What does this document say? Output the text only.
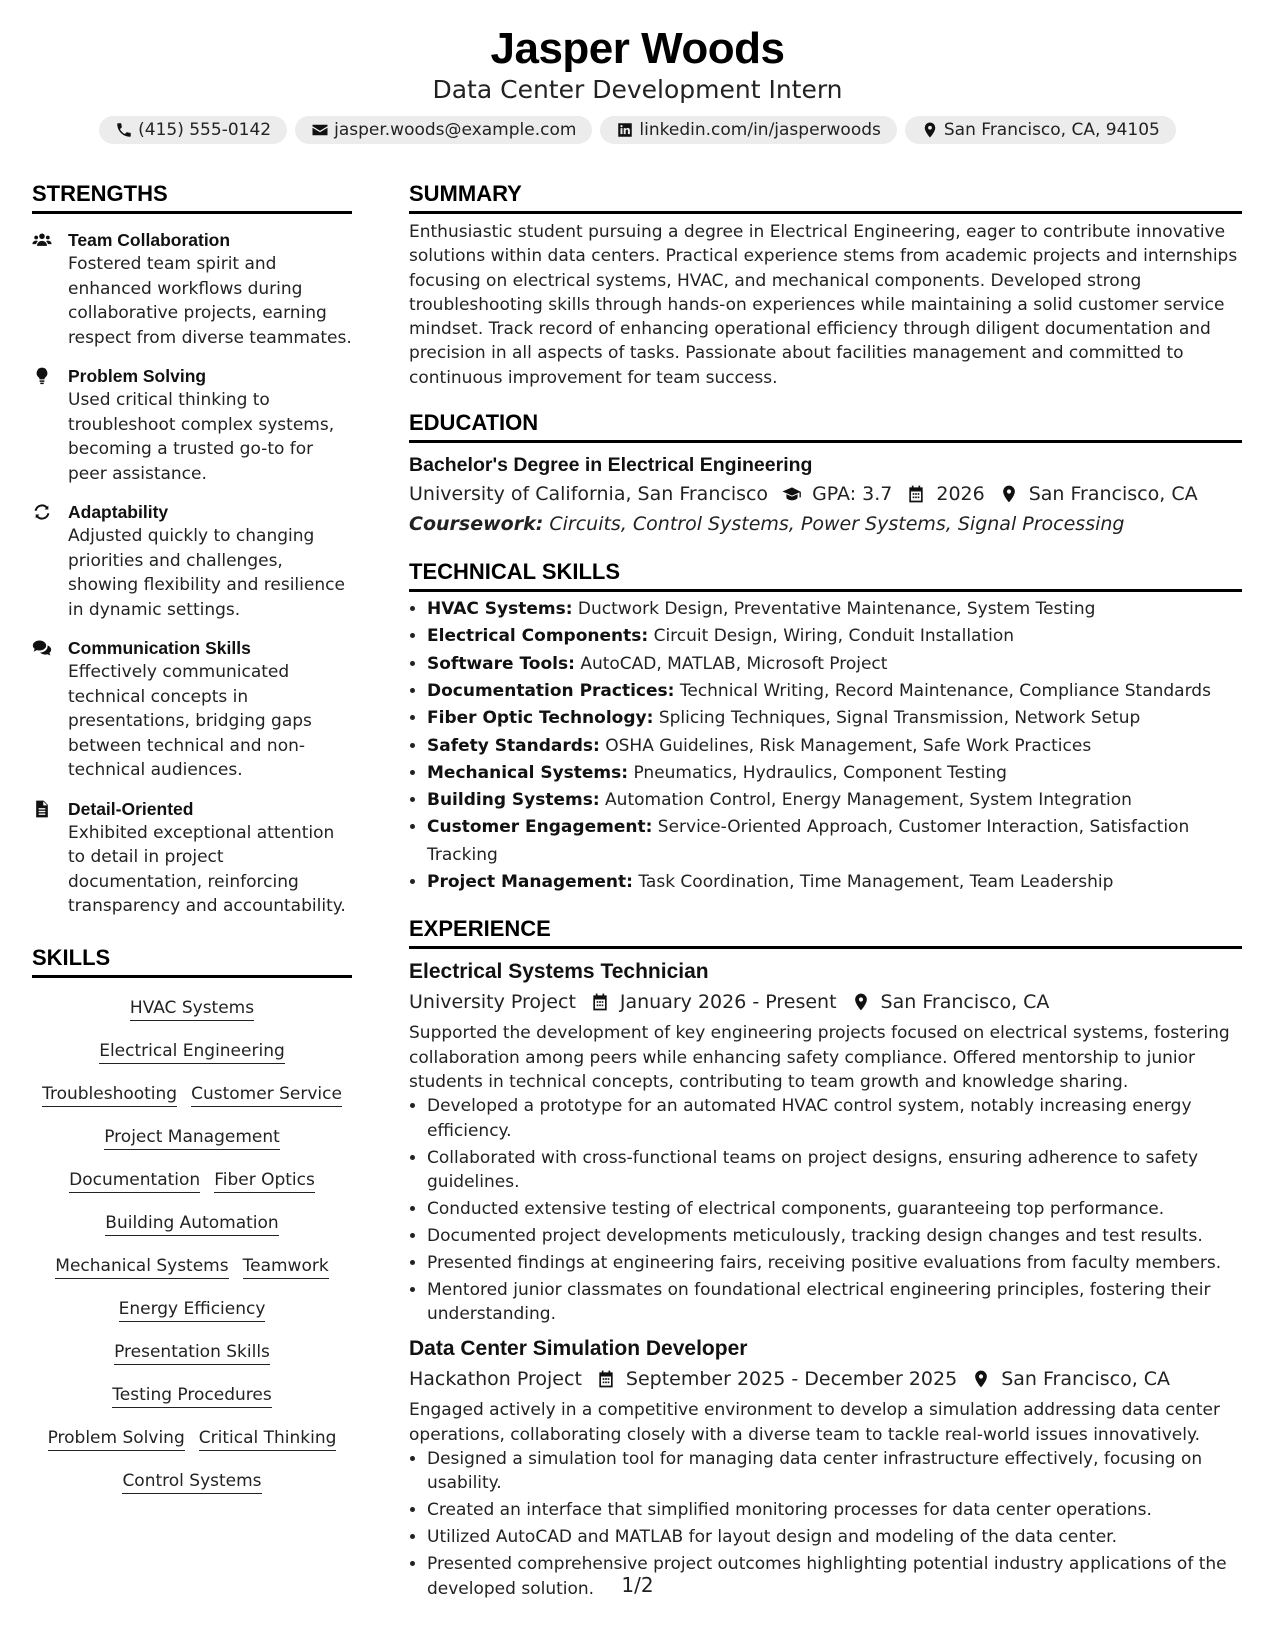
Jasper Woods
Data Center Development Intern
(415) 555-0142	jasper.woods@example.com	linkedin.com/in/jasperwoods	San Francisco, CA, 94105
STRENGTHS
Team Collaboration
Fostered team spirit and enhanced workflows during collaborative projects, earning respect from diverse teammates.
Problem Solving
Used critical thinking to troubleshoot complex systems, becoming a trusted go-to for peer assistance.
Adaptability
Adjusted quickly to changing priorities and challenges, showing flexibility and resilience in dynamic settings.
Communication Skills
Effectively communicated technical concepts in presentations, bridging gaps between technical and non-technical audiences.
Detail-Oriented
Exhibited exceptional attention to detail in project documentation, reinforcing transparency and accountability.
SKILLS
HVAC Systems
Electrical Engineering
Troubleshooting Customer Service
Project Management
Documentation Fiber Optics
Building Automation
Mechanical Systems Teamwork
Energy Efficiency
Presentation Skills
Testing Procedures
Problem Solving Critical Thinking
Control Systems
SUMMARY
Enthusiastic student pursuing a degree in Electrical Engineering, eager to contribute innovative solutions within data centers. Practical experience stems from academic projects and internships focusing on electrical systems, HVAC, and mechanical components. Developed strong troubleshooting skills through hands-on experiences while maintaining a solid customer service mindset. Track record of enhancing operational efficiency through diligent documentation and precision in all aspects of tasks. Passionate about facilities management and committed to continuous improvement for team success.
EDUCATION
Bachelor's Degree in Electrical Engineering
University of California, San Francisco GPA: 3.7 2026 San Francisco, CA
Coursework: Circuits, Control Systems, Power Systems, Signal Processing
TECHNICAL SKILLS
• HVAC Systems: Ductwork Design, Preventative Maintenance, System Testing
• Electrical Components: Circuit Design, Wiring, Conduit Installation
• Software Tools: AutoCAD, MATLAB, Microsoft Project
• Documentation Practices: Technical Writing, Record Maintenance, Compliance Standards
• Fiber Optic Technology: Splicing Techniques, Signal Transmission, Network Setup
• Safety Standards: OSHA Guidelines, Risk Management, Safe Work Practices
• Mechanical Systems: Pneumatics, Hydraulics, Component Testing
• Building Systems: Automation Control, Energy Management, System Integration
• Customer Engagement: Service-Oriented Approach, Customer Interaction, Satisfaction Tracking
• Project Management: Task Coordination, Time Management, Team Leadership
EXPERIENCE
Electrical Systems Technician
University Project January 2026 - Present San Francisco, CA
Supported the development of key engineering projects focused on electrical systems, fostering collaboration among peers while enhancing safety compliance. Offered mentorship to junior students in technical concepts, contributing to team growth and knowledge sharing.
• Developed a prototype for an automated HVAC control system, notably increasing energy efficiency.
• Collaborated with cross-functional teams on project designs, ensuring adherence to safety guidelines.
• Conducted extensive testing of electrical components, guaranteeing top performance.
• Documented project developments meticulously, tracking design changes and test results.
• Presented findings at engineering fairs, receiving positive evaluations from faculty members.
• Mentored junior classmates on foundational electrical engineering principles, fostering their understanding.
Data Center Simulation Developer
Hackathon Project September 2025 - December 2025 San Francisco, CA
Engaged actively in a competitive environment to develop a simulation addressing data center operations, collaborating closely with a diverse team to tackle real-world issues innovatively.
• Designed a simulation tool for managing data center infrastructure effectively, focusing on usability.
• Created an interface that simplified monitoring processes for data center operations.
• Utilized AutoCAD and MATLAB for layout design and modeling of the data center.
• Presented comprehensive project outcomes highlighting potential industry applications of the developed solution.	1/2
